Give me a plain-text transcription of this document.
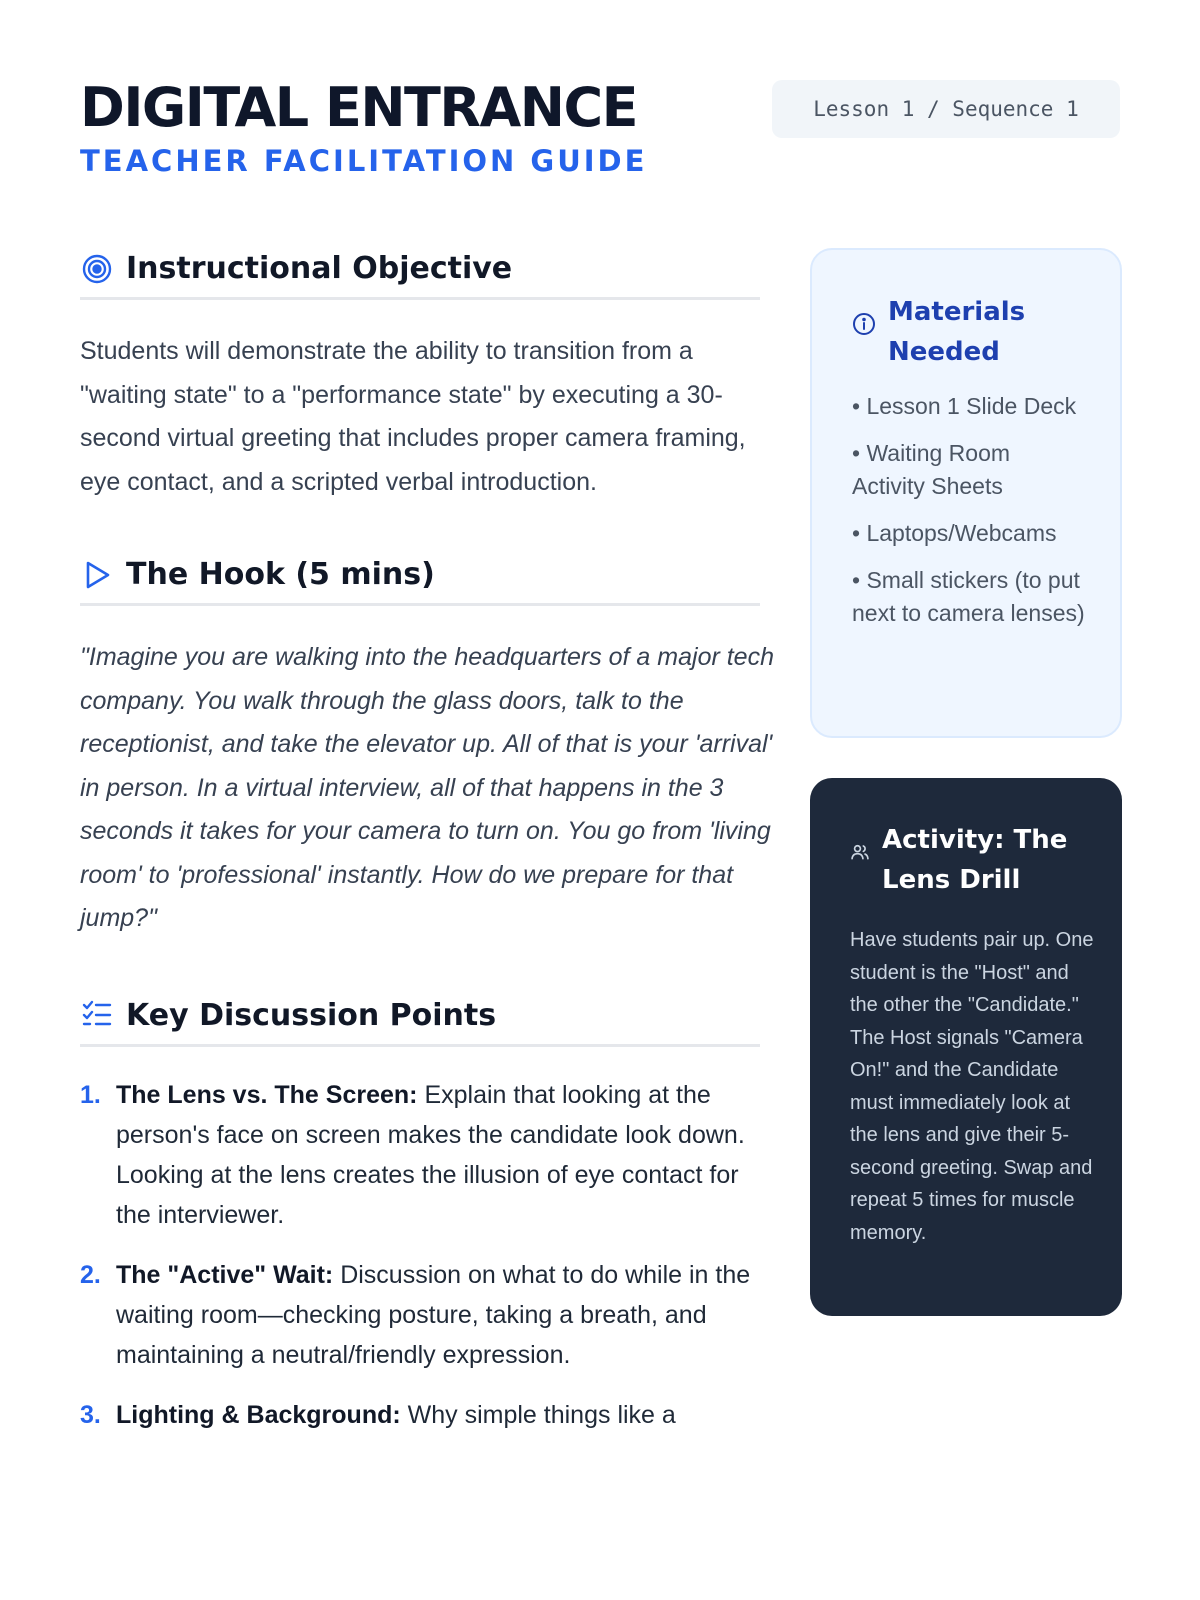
DIGITAL ENTRANCE
TEACHER FACILITATION GUIDE
Lesson 1 / Sequence 1
Instructional Objective

Students will demonstrate the ability to transition from a "waiting state" to a "performance state" by executing a 30-second virtual greeting that includes proper camera framing, eye contact, and a scripted verbal introduction.

The Hook (5 mins)

"Imagine you are walking into the headquarters of a major tech company. You walk through the glass doors, talk to the receptionist, and take the elevator up. All of that is your 'arrival' in person. In a virtual interview, all of that happens in the 3 seconds it takes for your camera to turn on. You go from 'living room' to 'professional' instantly. How do we prepare for that jump?"

Key Discussion Points
1. The Lens vs. The Screen: Explain that looking at the person's face on screen makes the candidate look down. Looking at the lens creates the illusion of eye contact for the interviewer.
2. The "Active" Wait: Discussion on what to do while in the waiting room—checking posture, taking a breath, and maintaining a neutral/friendly expression.
3. Lighting & Background: Why simple things like a
Materials Needed
• Lesson 1 Slide Deck
• Waiting Room Activity Sheets
• Laptops/Webcams
• Small stickers (to put next to camera lenses)
Activity: The Lens Drill

Have students pair up. One student is the "Host" and the other the "Candidate." The Host signals "Camera On!" and the Candidate must immediately look at the lens and give their 5-second greeting. Swap and repeat 5 times for muscle memory.
